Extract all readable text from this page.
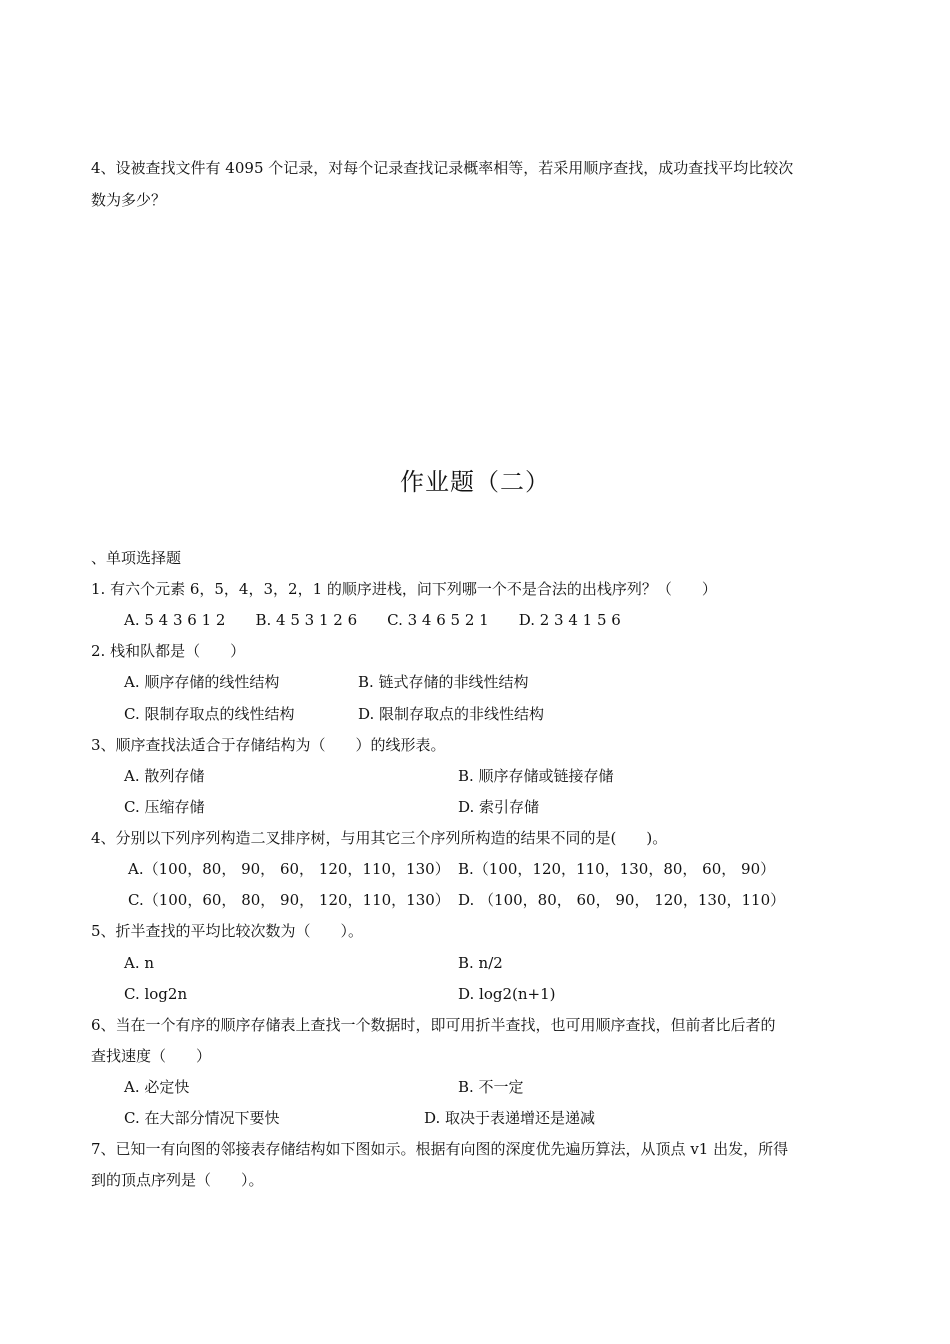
4、设被查找文件有 4095 个记录，对每个记录查找记录概率相等，若采用顺序查找，成功查找平均比较次
数为多少？
作业题（二）
、单项选择题
1. 有六个元素 6，5，4，3，2，1 的顺序进栈，问下列哪一个不是合法的出栈序列？（　　）
A. 5 4 3 6 1 2　　B. 4 5 3 1 2 6　　C. 3 4 6 5 2 1　　D. 2 3 4 1 5 6
2. 栈和队都是（　　）
A. 顺序存储的线性结构	B. 链式存储的非线性结构
C. 限制存取点的线性结构	D. 限制存取点的非线性结构
3、顺序查找法适合于存储结构为（　　）的线形表。
A. 散列存储	B. 顺序存储或链接存储
C. 压缩存储	D. 索引存储
4、分别以下列序列构造二叉排序树，与用其它三个序列所构造的结果不同的是(　　)。
A.（100，80， 90， 60， 120，110，130） B.（100，120，110，130，80， 60， 90）
C.（100，60， 80， 90， 120，110，130） D. （100，80， 60， 90， 120，130，110）
5、折半查找的平均比较次数为（　　）。
A. n	B. n/2
C. log2n	D. log2(n+1)
6、当在一个有序的顺序存储表上查找一个数据时，即可用折半查找，也可用顺序查找，但前者比后者的
查找速度（　　）
A. 必定快	B. 不一定
C. 在大部分情况下要快	D. 取决于表递增还是递减
7、已知一有向图的邻接表存储结构如下图如示。根据有向图的深度优先遍历算法，从顶点 v1 出发，所得
到的顶点序列是（　　）。
